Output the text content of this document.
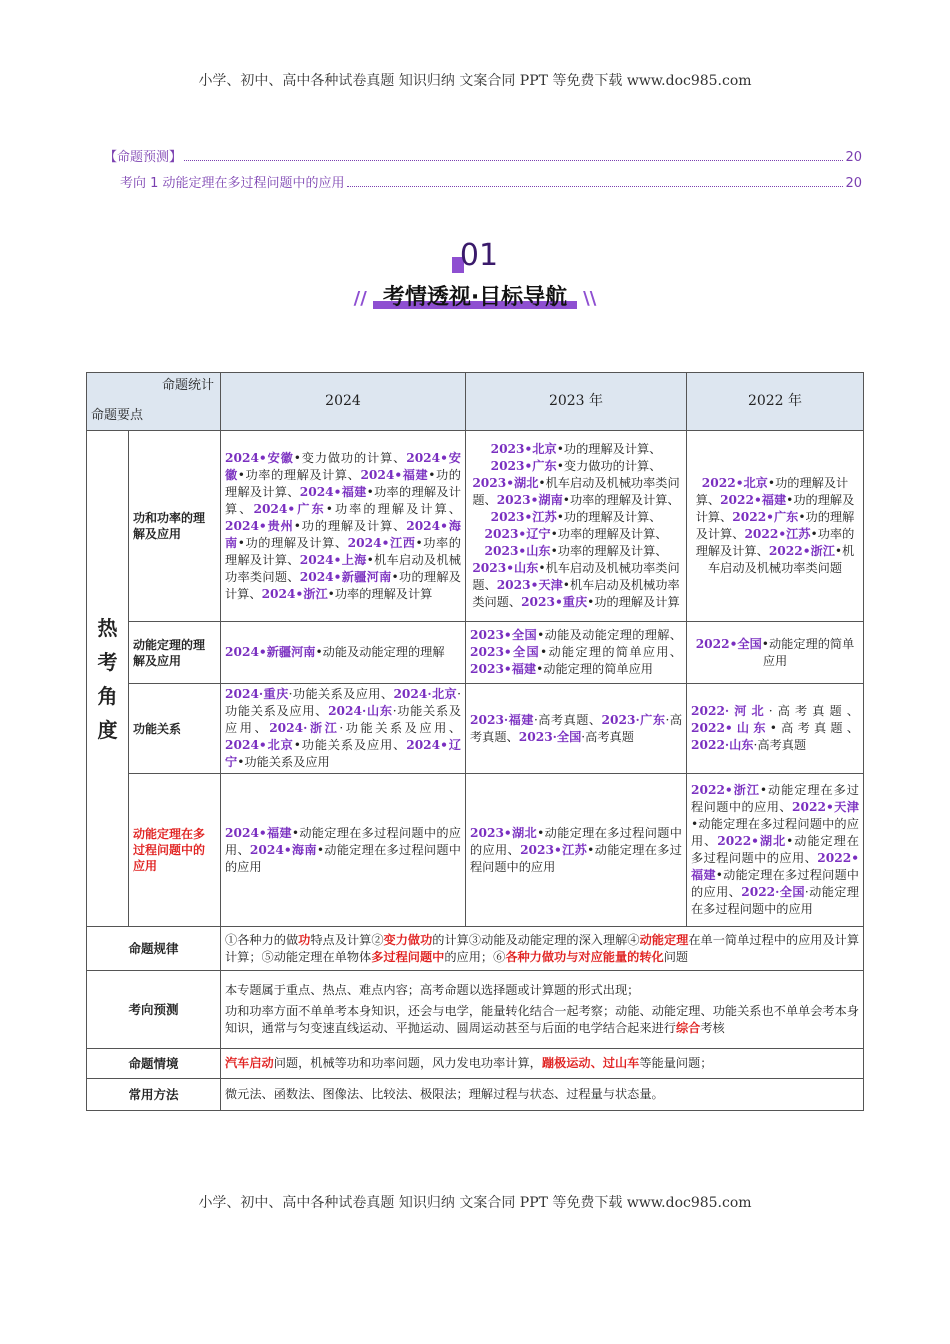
小学、初中、高中各种试卷真题 知识归纳 文案合同 PPT 等免费下载 www.doc985.com
【命题预测】	20
考向 1 动能定理在多过程问题中的应用	20
01
// 考情透视·目标导航 \\
命题统计
命题要点		2024	2023 年	2022 年

热
考
角
度	功和功率的理解及应用	2024•安徽•变力做功的计算、2024•安徽•功率的理解及计算、2024•福建•功的理解及计算、2024•福建•功率的理解及计算、2024•广东•功率的理解及计算、2024•贵州•功的理解及计算、2024•海南•功的理解及计算、2024•江西•功率的理解及计算、2024•上海•机车启动及机械功率类问题、2024•新疆河南•功的理解及计算、2024•浙江•功率的理解及计算	2023•北京•功的理解及计算、2023•广东•变力做功的计算、2023•湖北•机车启动及机械功率类问题、2023•湖南•功率的理解及计算、2023•江苏•功的理解及计算、2023•辽宁•功率的理解及计算、2023•山东•功率的理解及计算、2023•山东•机车启动及机械功率类问题、2023•天津•机车启动及机械功率类问题、2023•重庆•功的理解及计算	2022•北京•功的理解及计算、2022•福建•功的理解及计算、2022•广东•功的理解及计算、2022•江苏•功率的理解及计算、2022•浙江•机车启动及机械功率类问题
	动能定理的理解及应用	2024•新疆河南•动能及动能定理的理解	2023•全国•动能及动能定理的理解、2023•全国•动能定理的简单应用、2023•福建•动能定理的简单应用	2022•全国•动能定理的简单应用
	功能关系	2024·重庆·功能关系及应用、2024·北京·功能关系及应用、2024·山东·功能关系及应用、2024·浙江·功能关系及应用、2024•北京•功能关系及应用、2024•辽宁•功能关系及应用	2023·福建·高考真题、2023·广东·高考真题、2023·全国·高考真题	2022·河北·高考真题、2022•山东•高考真题、2022·山东·高考真题
	动能定理在多过程问题中的应用	2024•福建•动能定理在多过程问题中的应用、2024•海南•动能定理在多过程问题中的应用	2023•湖北•动能定理在多过程问题中的应用、2023•江苏•动能定理在多过程问题中的应用	2022•浙江•动能定理在多过程问题中的应用、2022•天津•动能定理在多过程问题中的应用、2022•湖北•动能定理在多过程问题中的应用、2022•福建•动能定理在多过程问题中的应用、2022·全国·动能定理在多过程问题中的应用
命题规律		①各种力的做功特点及计算②变力做功的计算③动能及动能定理的深入理解④动能定理在单一简单过程中的应用及计算计算；⑤动能定理在单物体多过程问题中的应用；⑥各种力做功与对应能量的转化问题		
考向预测		本专题属于重点、热点、难点内容；高考命题以选择题或计算题的形式出现；

功和功率方面不单单考本身知识，还会与电学，能量转化结合一起考察；动能、动能定理、功能关系也不单单会考本身知识，通常与匀变速直线运动、平抛运动、圆周运动甚至与后面的电学结合起来进行综合考核		

命题情境		汽车启动问题，机械等功和功率问题，风力发电功率计算，蹦极运动、过山车等能量问题；		
常用方法		微元法、函数法、图像法、比较法、极限法；理解过程与状态、过程量与状态量。		
小学、初中、高中各种试卷真题 知识归纳 文案合同 PPT 等免费下载 www.doc985.com
